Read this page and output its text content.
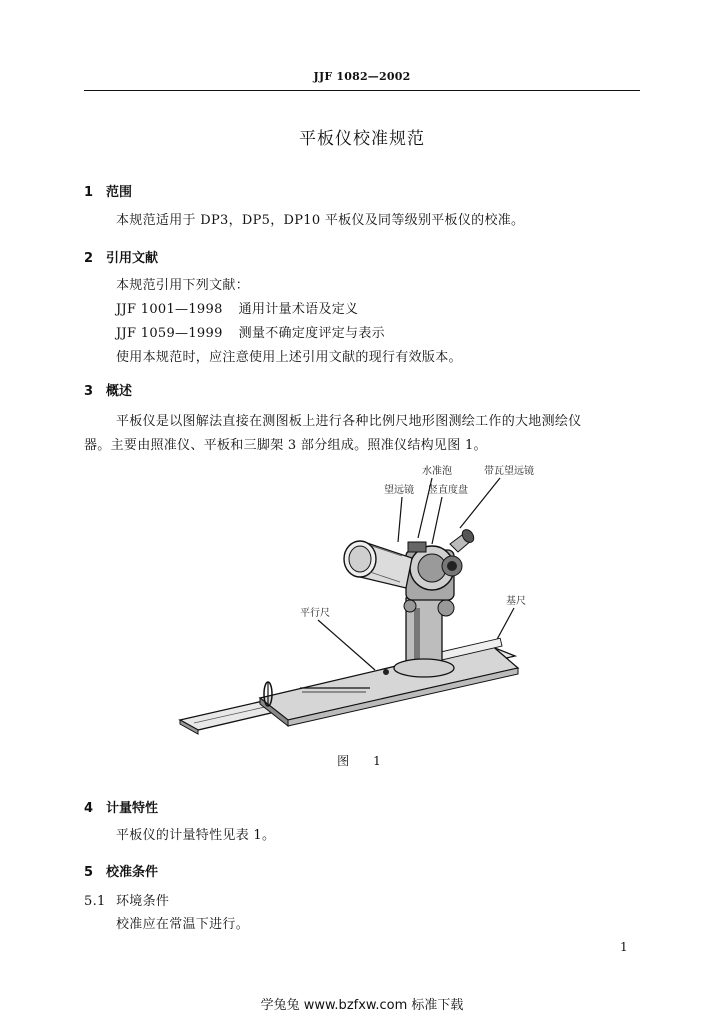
JJF 1082—2002
平板仪校准规范
1 范围
本规范适用于 DP3，DP5，DP10 平板仪及同等级别平板仪的校准。
2 引用文献
本规范引用下列文献：
JJF 1001—1998 通用计量术语及定义
JJF 1059—1999 测量不确定度评定与表示
使用本规范时，应注意使用上述引用文献的现行有效版本。
3 概述
平板仪是以图解法直接在测图板上进行各种比例尺地形图测绘工作的大地测绘仪
器。主要由照准仪、平板和三脚架 3 部分组成。照准仪结构见图 1。
水准泡	带瓦望远镜
望远镜 竖直度盘
平行尺
基尺
图　1
4 计量特性
平板仪的计量特性见表 1。
5 校准条件
5.1 环境条件
校准应在常温下进行。
1
学兔兔 www.bzfxw.com 标准下载
